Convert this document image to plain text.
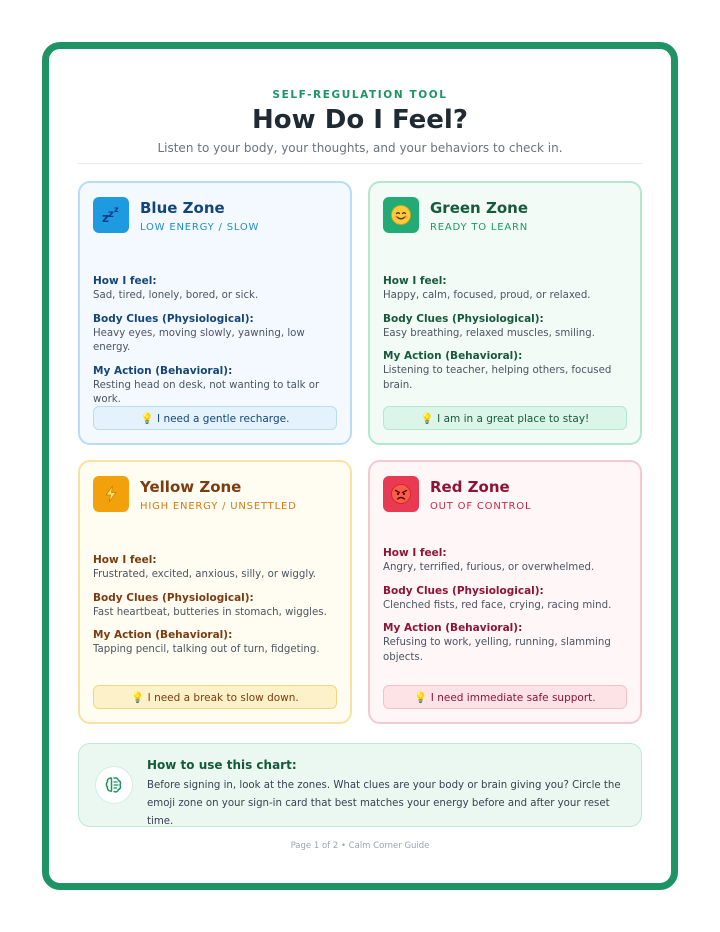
SELF-REGULATION TOOL
How Do I Feel?
Listen to your body, your thoughts, and your behaviors to check in.
z z z Blue Zone
LOW ENERGY / SLOW
How I feel:
Sad, tired, lonely, bored, or sick.
Body Clues (Physiological):
Heavy eyes, moving slowly, yawning, low energy.
My Action (Behavioral):
Resting head on desk, not wanting to talk or work.
💡 I need a gentle recharge.
Green Zone
READY TO LEARN
How I feel:
Happy, calm, focused, proud, or relaxed.
Body Clues (Physiological):
Easy breathing, relaxed muscles, smiling.
My Action (Behavioral):
Listening to teacher, helping others, focused brain.
💡 I am in a great place to stay!
Yellow Zone
HIGH ENERGY / UNSETTLED
How I feel:
Frustrated, excited, anxious, silly, or wiggly.
Body Clues (Physiological):
Fast heartbeat, butteries in stomach, wiggles.
My Action (Behavioral):
Tapping pencil, talking out of turn, fidgeting.
💡 I need a break to slow down.
Red Zone
OUT OF CONTROL
How I feel:
Angry, terrified, furious, or overwhelmed.
Body Clues (Physiological):
Clenched fists, red face, crying, racing mind.
My Action (Behavioral):
Refusing to work, yelling, running, slamming objects.
💡 I need immediate safe support.
How to use this chart:
Before signing in, look at the zones. What clues are your body or brain giving you? Circle the emoji zone on your sign-in card that best matches your energy before and after your reset time.
Page 1 of 2 • Calm Corner Guide
